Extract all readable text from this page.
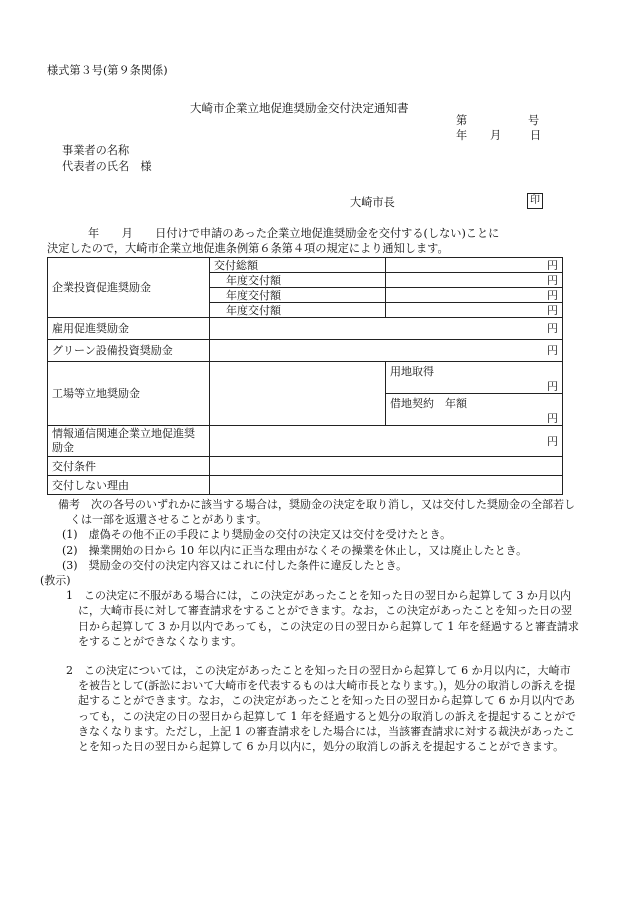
様式第３号(第９条関係)
大崎市企業立地促進奨励金交付決定通知書
第	号
年 月	日
事業者の名称
代表者の氏名　様
大崎市長	印
年　　月　　日付けで申請のあった企業立地促進奨励金を交付する(しない)ことに
決定したので，大崎市企業立地促進条例第６条第４項の規定により通知します。
企業投資促進奨励金	交付総額	円
	年度交付額	円
	年度交付額	円
	年度交付額	円
雇用促進奨励金	円	
グリーン設備投資奨励金	円	
工場等立地奨励金		用地取得
円

		借地契約　年額
円

情報通信関連企業立地促進奨励金	円	
交付条件		
交付しない理由		

備考　次の各号のいずれかに該当する場合は，奨励金の決定を取り消し，又は交付した奨励金の全部若しくは一部を返還させることがあります。

(1)　虚偽その他不正の手段により奨励金の交付の決定又は交付を受けたとき。

(2)　操業開始の日から 10 年以内に正当な理由がなくその操業を休止し，又は廃止したとき。

(3)　奨励金の交付の決定内容又はこれに付した条件に違反したとき。

(教示)

1　この決定に不服がある場合には，この決定があったことを知った日の翌日から起算して 3 か月以内に，大崎市長に対して審査請求をすることができます。なお，この決定があったことを知った日の翌日から起算して 3 か月以内であっても，この決定の日の翌日から起算して 1 年を経過すると審査請求をすることができなくなります。

2　この決定については，この決定があったことを知った日の翌日から起算して 6 か月以内に，大崎市を被告として(訴訟において大崎市を代表するものは大崎市長となります。)，処分の取消しの訴えを提起することができます。なお，この決定があったことを知った日の翌日から起算して 6 か月以内であっても，この決定の日の翌日から起算して 1 年を経過すると処分の取消しの訴えを提起することができなくなります。ただし，上記 1 の審査請求をした場合には，当該審査請求に対する裁決があったことを知った日の翌日から起算して 6 か月以内に，処分の取消しの訴えを提起することができます。
